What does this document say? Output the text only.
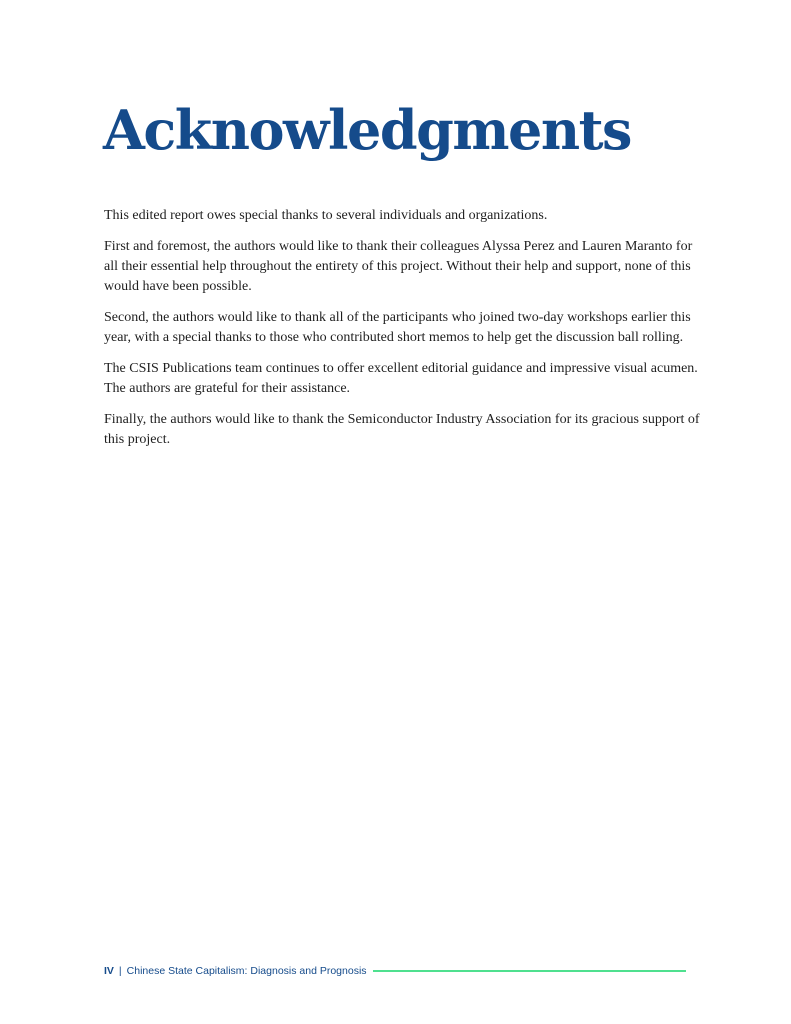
Acknowledgments

This edited report owes special thanks to several individuals and organizations.

First and foremost, the authors would like to thank their colleagues Alyssa Perez and Lauren Maranto for all their essential help throughout the entirety of this project. Without their help and support, none of this would have been possible.

Second, the authors would like to thank all of the participants who joined two-day workshops earlier this year, with a special thanks to those who contributed short memos to help get the discussion ball rolling.

The CSIS Publications team continues to offer excellent editorial guidance and impressive visual acumen. The authors are grateful for their assistance.

Finally, the authors would like to thank the Semiconductor Industry Association for its gracious support of this project.

IV | Chinese State Capitalism: Diagnosis and Prognosis
